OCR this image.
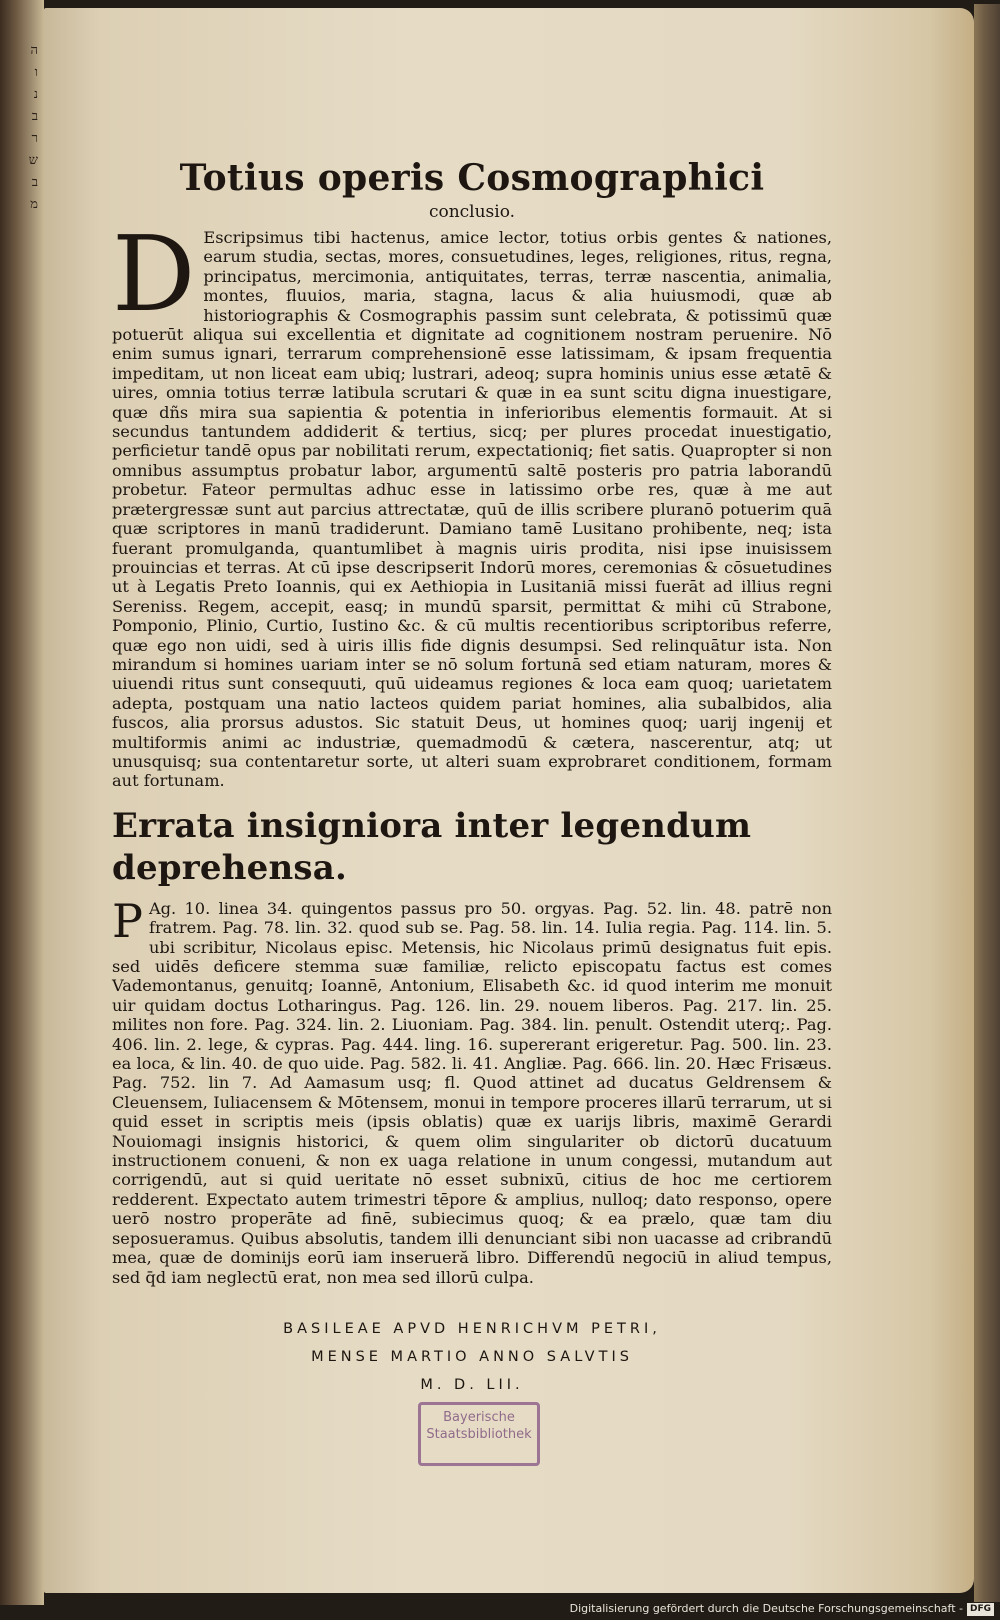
ה
ו
נ
ב
ר
ש
ב
מ
Totius operis Cosmographici
conclusio.

D Escripsimus tibi hactenus, amice lector, totius orbis gentes & nationes, earum studia, sectas, mores, consuetudines, leges, religiones, ritus, regna, principatus, mercimonia, antiquitates, terras, terræ nascentia, animalia, montes, fluuios, maria, stagna, lacus & alia huiusmodi, quæ ab historiographis & Cosmographis passim sunt celebrata, & potissimū quæ potuerūt aliqua sui excellentia et dignitate ad cognitionem nostram peruenire. Nō enim sumus ignari, terrarum comprehensionē esse latissimam, & ipsam frequentia impeditam, ut non liceat eam ubiq; lustrari, adeoq; supra hominis unius esse ætatē & uires, omnia totius terræ latibula scrutari & quæ in ea sunt scitu digna inuestigare, quæ dñs mira sua sapientia & potentia in inferioribus elementis formauit. At si secundus tantundem addiderit & tertius, sicq; per plures procedat inuestigatio, perficietur tandē opus par nobilitati rerum, expectationiq; fiet satis. Quapropter si non omnibus assumptus probatur labor, argumentū saltē posteris pro patria laborandū probetur. Fateor permultas adhuc esse in latissimo orbe res, quæ à me aut prætergressæ sunt aut parcius attrectatæ, quū de illis scribere pluranō potuerim quā quæ scriptores in manū tradiderunt. Damiano tamē Lusitano prohibente, neq; ista fuerant promulganda, quantumlibet à magnis uiris prodita, nisi ipse inuisissem prouincias et terras. At cū ipse descripserit Indorū mores, ceremonias & cōsuetudines ut à Legatis Preto Ioannis, qui ex Aethiopia in Lusitaniā missi fuerāt ad illius regni Sereniss. Regem, accepit, easq; in mundū sparsit, permittat & mihi cū Strabone, Pomponio, Plinio, Curtio, Iustino &c. & cū multis recentioribus scriptoribus referre, quæ ego non uidi, sed à uiris illis fide dignis desumpsi. Sed relinquātur ista. Non mirandum si homines uariam inter se nō solum fortunā sed etiam naturam, mores & uiuendi ritus sunt consequuti, quū uideamus regiones & loca eam quoq; uarietatem adepta, postquam una natio lacteos quidem pariat homines, alia subalbidos, alia fuscos, alia prorsus adustos. Sic statuit Deus, ut homines quoq; uarij ingenij et multiformis animi ac industriæ, quemadmodū & cætera, nascerentur, atq; ut unusquisq; sua contentaretur sorte, ut alteri suam exprobraret conditionem, formam aut fortunam.

Errata insigniora inter legendum deprehensa.

P Ag. 10. linea 34. quingentos passus pro 50. orgyas. Pag. 52. lin. 48. patrē non fratrem. Pag. 78. lin. 32. quod sub se. Pag. 58. lin. 14. Iulia regia. Pag. 114. lin. 5. ubi scribitur, Nicolaus episc. Metensis, hic Nicolaus primū designatus fuit epis. sed uidēs deficere stemma suæ familiæ, relicto episcopatu factus est comes Vademontanus, genuitq; Ioannē, Antonium, Elisabeth &c. id quod interim me monuit uir quidam doctus Lotharingus. Pag. 126. lin. 29. nouem liberos. Pag. 217. lin. 25. milites non fore. Pag. 324. lin. 2. Liuoniam. Pag. 384. lin. penult. Ostendit uterq;. Pag. 406. lin. 2. lege, & cypras. Pag. 444. ling. 16. supererant erigeretur. Pag. 500. lin. 23. ea loca, & lin. 40. de quo uide. Pag. 582. li. 41. Angliæ. Pag. 666. lin. 20. Hæc Frisæus. Pag. 752. lin 7. Ad Aamasum usq; fl. Quod attinet ad ducatus Geldrensem & Cleuensem, Iuliacensem & Mōtensem, monui in tempore proceres illarū terrarum, ut si quid esset in scriptis meis (ipsis oblatis) quæ ex uarijs libris, maximē Gerardi Nouiomagi insignis historici, & quem olim singulariter ob dictorū ducatuum instructionem conueni, & non ex uaga relatione in unum congessi, mutandum aut corrigendū, aut si quid ueritate nō esset subnixū, citius de hoc me certiorem redderent. Expectato autem trimestri tēpore & amplius, nulloq; dato responso, opere uerō nostro properāte ad finē, subiecimus quoq; & ea prælo, quæ tam diu seposueramus. Quibus absolutis, tandem illi denunciant sibi non uacasse ad cribrandū mea, quæ de dominijs eorū iam inserueră libro. Differendū negociū in aliud tempus, sed q̄d iam neglectū erat, non mea sed illorū culpa.

BASILEAE APVD HENRICHVM PETRI,
MENSE MARTIO ANNO SALVTIS
M. D. LII.
Bayerische
Staatsbibliothek
Digitalisierung gefördert durch die Deutsche Forschungsgemeinschaft - DFG
